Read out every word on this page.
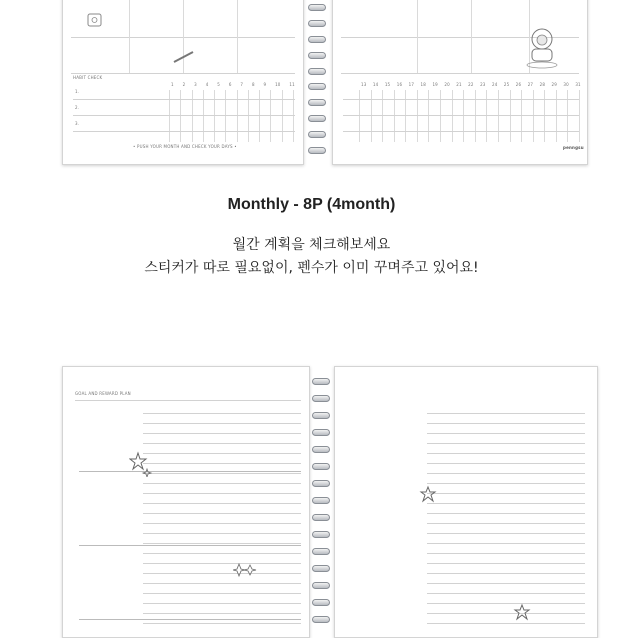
HABIT CHECK
1 2 3 4 5 6 7 8 9 10 11
1.
2.
3.
• PUSH YOUR MONTH AND CHECK YOUR DAYS •
13 14 15 16 17 18 19 20 21 22 23 24 25 26 27 28 29 30 31
penngsu
Monthly - 8P (4month)
월간 계획을 체크해보세요
스티커가 따로 필요없이, 펜수가 이미 꾸며주고 있어요!
GOAL AND REWARD PLAN
